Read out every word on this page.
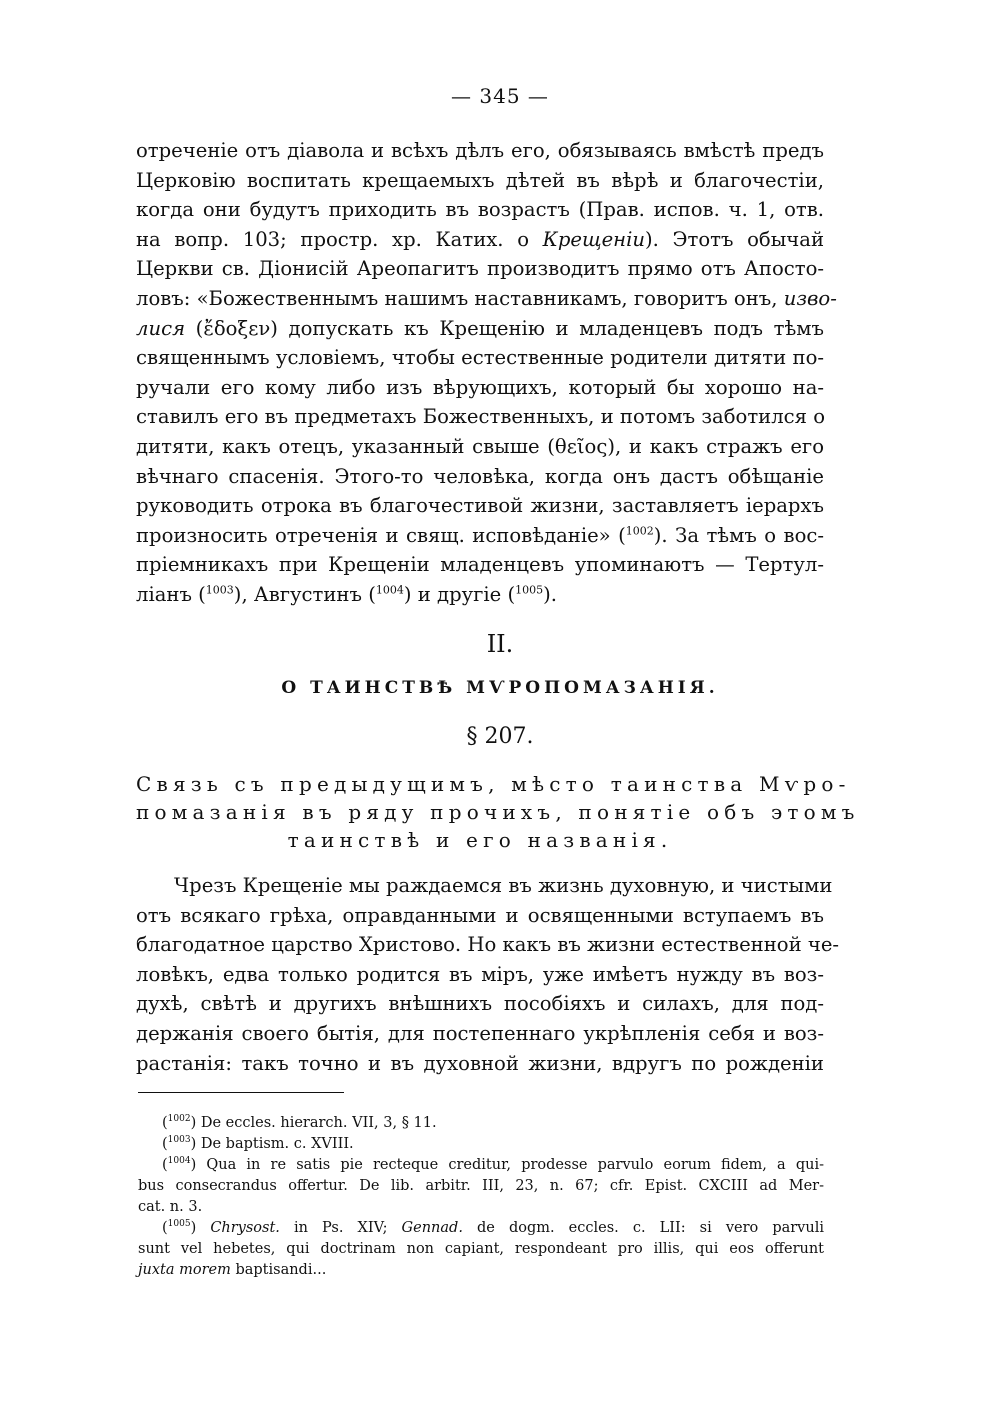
— 345 —
отреченіе отъ діавола и всѣхъ дѣлъ его, обязываясь вмѣстѣ предъ
Церковію воспитать крещаемыхъ дѣтей въ вѣрѣ и благочестіи,
когда они будутъ приходить въ возрастъ (Прав. испов. ч. 1, отв.
на вопр. 103; простр. хр. Катих. о Крещеніи). Этотъ обычай
Церкви св. Діонисій Ареопагитъ производитъ прямо отъ Апосто-
ловъ: «Божественнымъ нашимъ наставникамъ, говоритъ онъ, изво-
лися (ἔδοξεν) допускать къ Крещенію и младенцевъ подъ тѣмъ
священнымъ условіемъ, чтобы естественные родители дитяти по-
ручали его кому либо изъ вѣрующихъ, который бы хорошо на-
ставилъ его въ предметахъ Божественныхъ, и потомъ заботился о
дитяти, какъ отецъ, указанный свыше (θεῖος), и какъ стражъ его
вѣчнаго спасенія. Этого-то человѣка, когда онъ дастъ обѣщаніе
руководить отрока въ благочестивой жизни, заставляетъ іерархъ
произносить отреченія и свящ. исповѣданіе» ($^{1002}$). За тѣмъ о вос-
пріемникахъ при Крещеніи младенцевъ упоминаютъ — Тертул-
ліанъ ($^{1003}$), Августинъ ($^{1004}$) и другіе ($^{1005}$).
II.
О ТАИНСТВѢ МѴРОПОМАЗАНІЯ.
§ 207.
Связь съ предыдущимъ, мѣсто таинства Мѵро-
помазанія въ ряду прочихъ, понятіе объ этомъ
таинствѣ и его названія.
Чрезъ Крещеніе мы раждаемся въ жизнь духовную, и чистыми
отъ всякаго грѣха, оправданными и освященными вступаемъ въ
благодатное царство Христово. Но какъ въ жизни естественной че-
ловѣкъ, едва только родится въ міръ, уже имѣетъ нужду въ воз-
духѣ, свѣтѣ и другихъ внѣшнихъ пособіяхъ и силахъ, для под-
держанія своего бытія, для постепеннаго укрѣпленія себя и воз-
растанія: такъ точно и въ духовной жизни, вдругъ по рожденіи
($^{1002}$) De eccles. hierarch. VII, 3, § 11.
($^{1003}$) De baptism. c. XVIII.
($^{1004}$) Qua in re satis pie recteque creditur, prodesse parvulo eorum fidem, a qui-
bus consecrandus offertur. De lib. arbitr. III, 23, n. 67; cfr. Epist. CXCIII ad Mer-
cat. n. 3.
($^{1005}$) Chrysost. in Ps. XIV; Gennad. de dogm. eccles. c. LII: si vero parvuli
sunt vel hebetes, qui doctrinam non capiant, respondeant pro illis, qui eos offerunt
juxta morem baptisandi...
